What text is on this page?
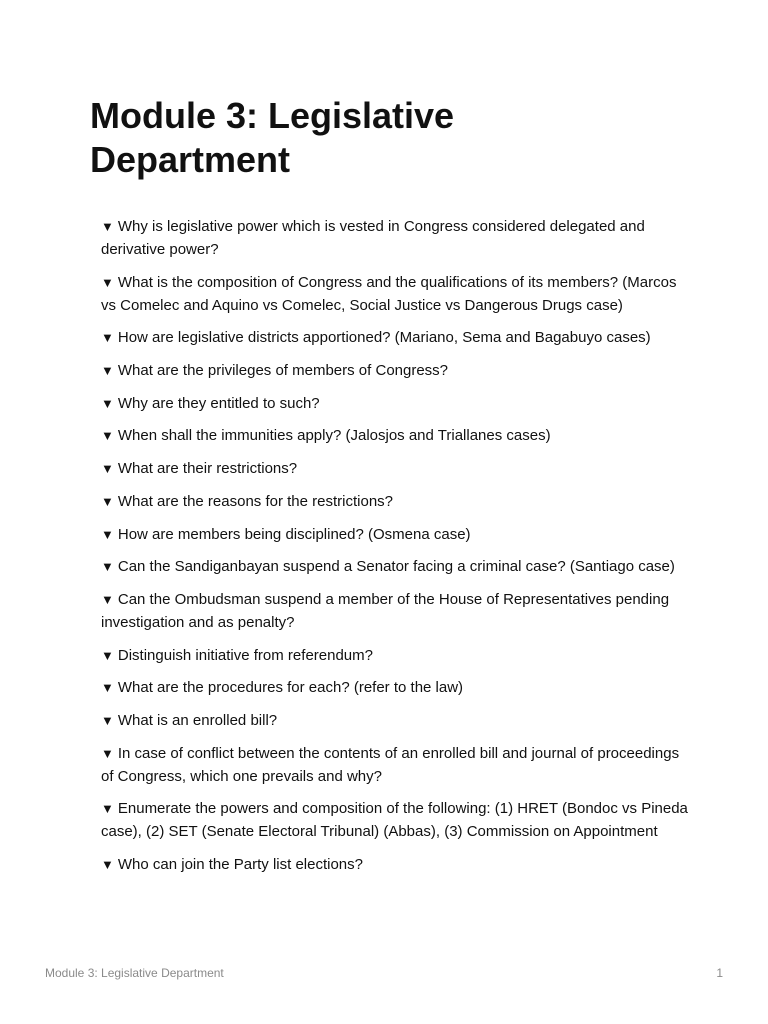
Module 3: Legislative Department
▼ Why is legislative power which is vested in Congress considered delegated and derivative power?
▼ What is the composition of Congress and the qualifications of its members? (Marcos vs Comelec and Aquino vs Comelec, Social Justice vs Dangerous Drugs case)
▼ How are legislative districts apportioned? (Mariano, Sema and Bagabuyo cases)
▼ What are the privileges of members of Congress?
▼ Why are they entitled to such?
▼ When shall the immunities apply? (Jalosjos and Triallanes cases)
▼ What are their restrictions?
▼ What are the reasons for the restrictions?
▼ How are members being disciplined? (Osmena case)
▼ Can the Sandiganbayan suspend a Senator facing a criminal case? (Santiago case)
▼ Can the Ombudsman suspend a member of the House of Representatives pending investigation and as penalty?
▼ Distinguish initiative from referendum?
▼ What are the procedures for each? (refer to the law)
▼ What is an enrolled bill?
▼ In case of conflict between the contents of an enrolled bill and journal of proceedings of Congress, which one prevails and why?
▼ Enumerate the powers and composition of the following: (1) HRET (Bondoc vs Pineda case), (2) SET (Senate Electoral Tribunal) (Abbas), (3) Commission on Appointment
▼ Who can join the Party list elections?
Module 3: Legislative Department	1
